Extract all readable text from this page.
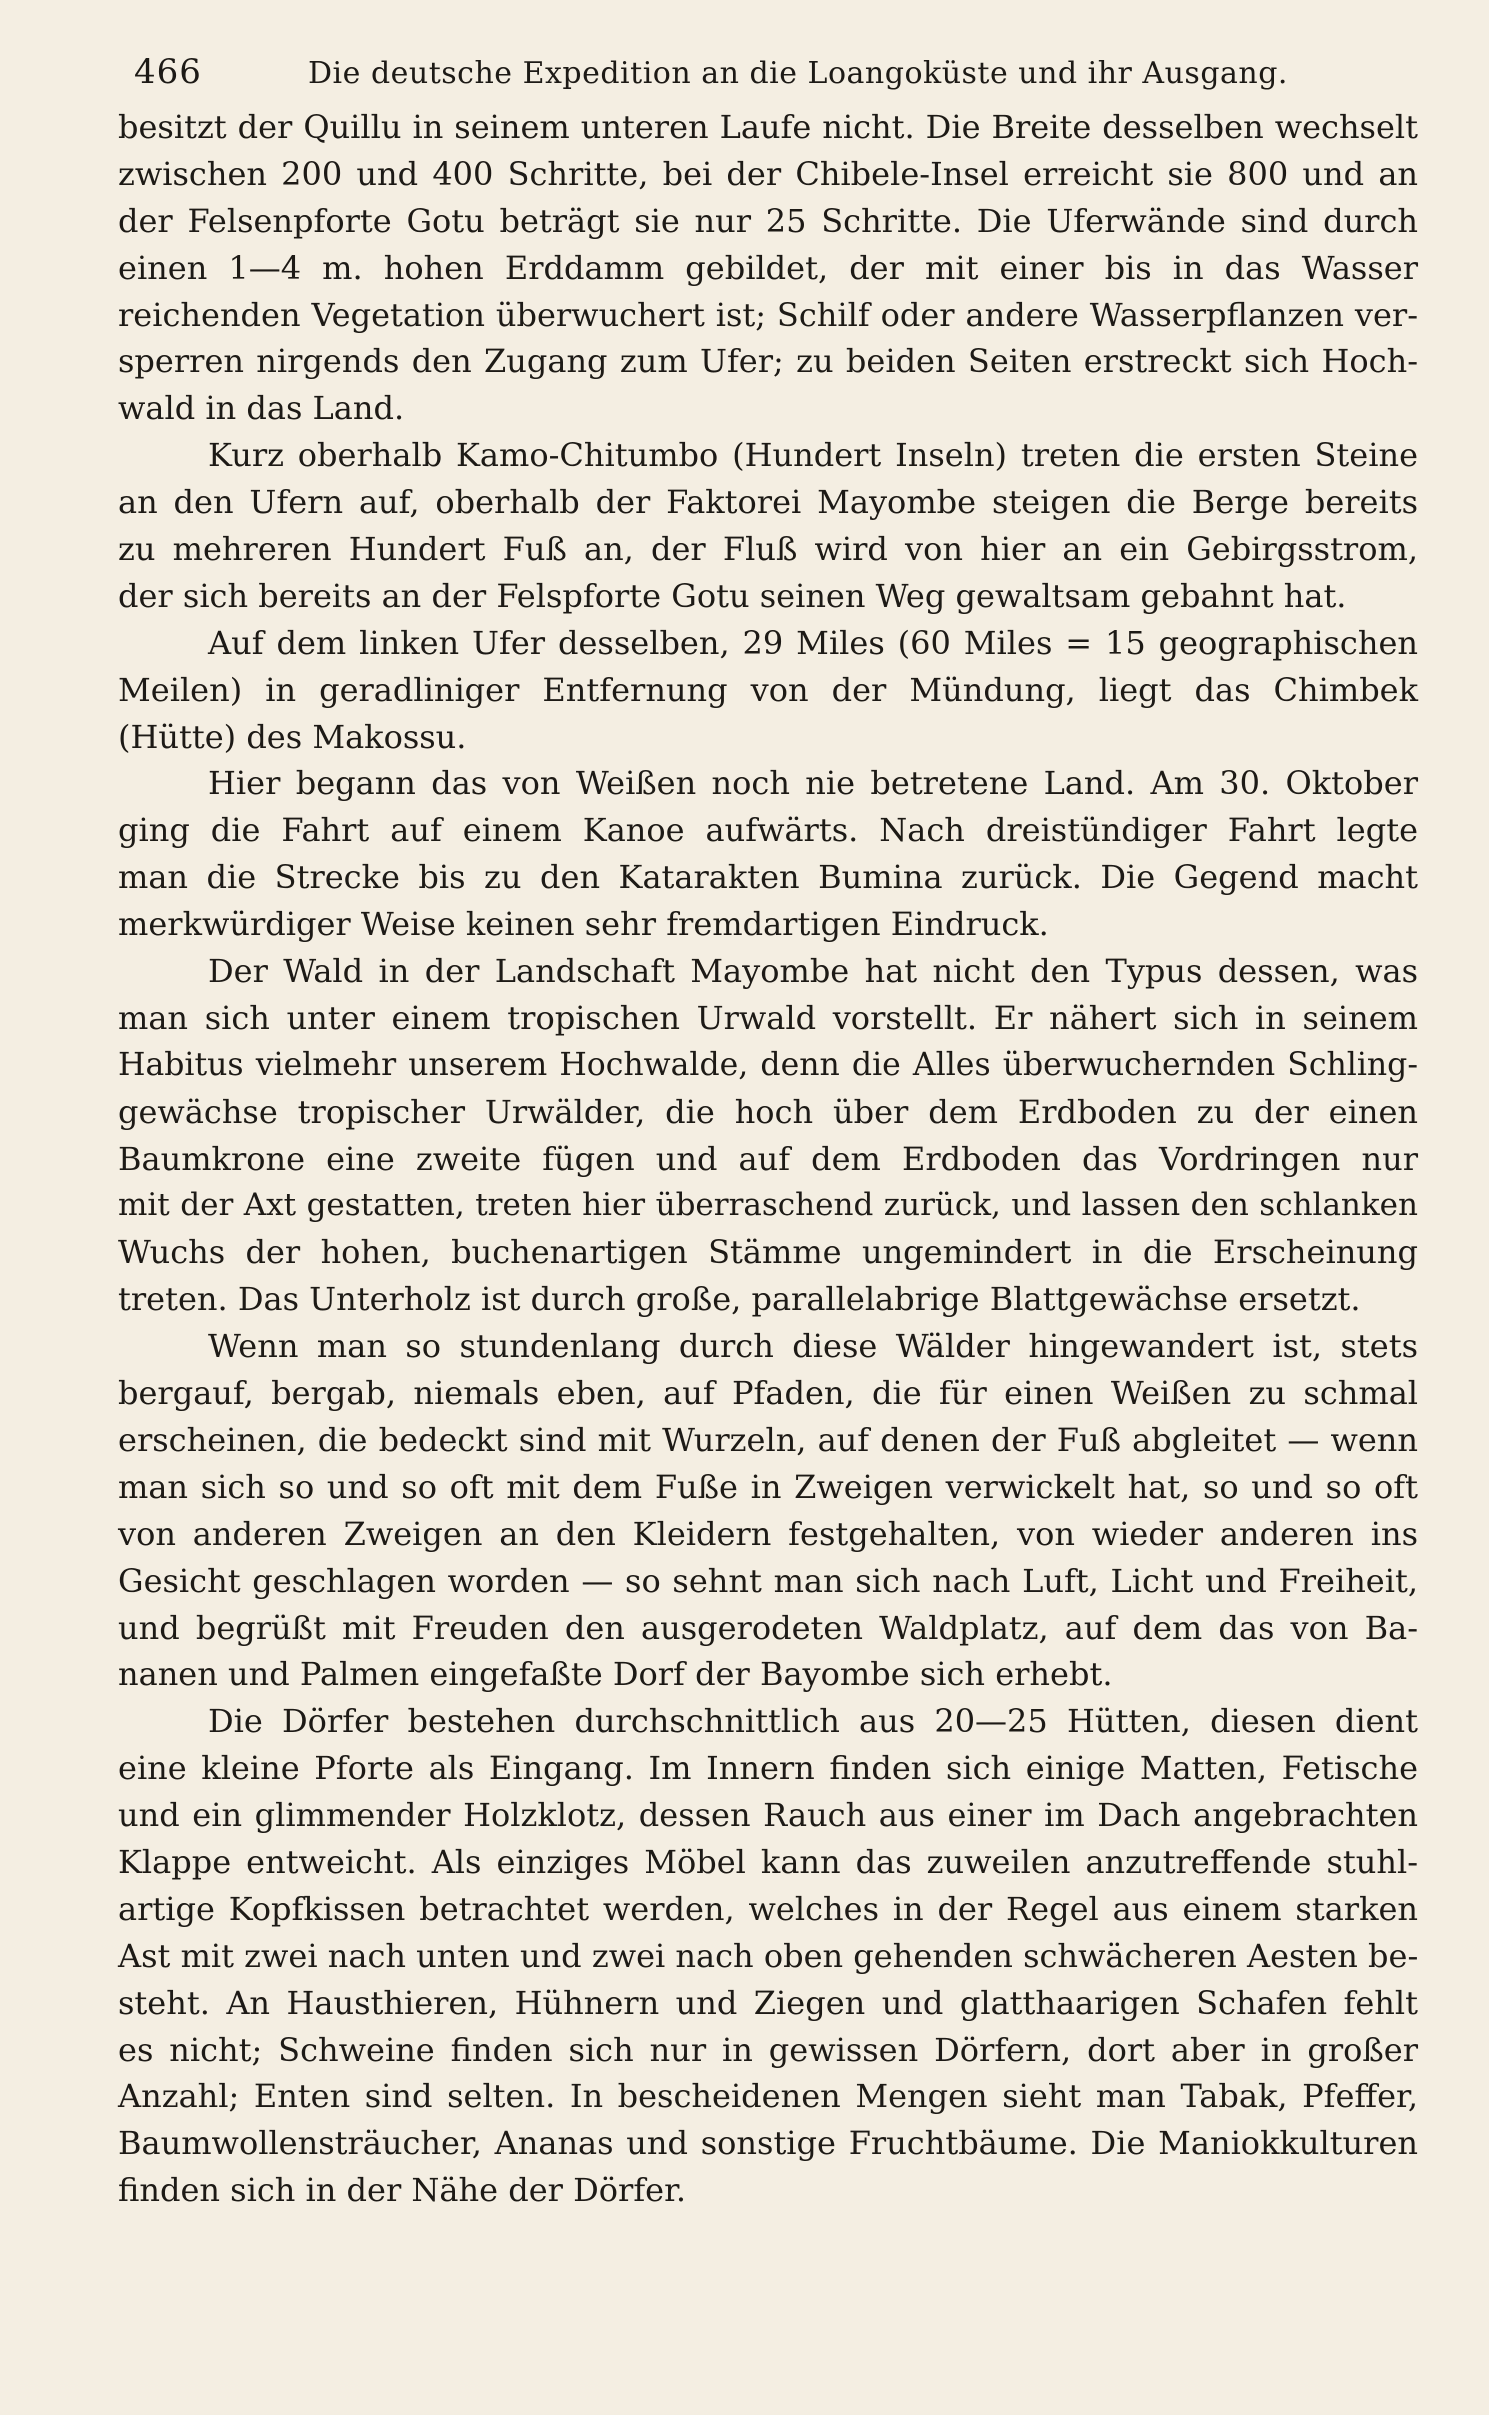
466	Die deutsche Expedition an die Loangoküste und ihr Ausgang.
besitzt der Quillu in seinem unteren Laufe nicht. Die Breite desselben wechselt
zwischen 200 und 400 Schritte, bei der Chibele-Insel erreicht sie 800 und an
der Felsenpforte Gotu beträgt sie nur 25 Schritte. Die Uferwände sind durch
einen 1—4 m. hohen Erddamm gebildet, der mit einer bis in das Wasser
reichenden Vegetation überwuchert ist; Schilf oder andere Wasserpflanzen ver-
sperren nirgends den Zugang zum Ufer; zu beiden Seiten erstreckt sich Hoch-
wald in das Land.
Kurz oberhalb Kamo-Chitumbo (Hundert Inseln) treten die ersten Steine
an den Ufern auf, oberhalb der Faktorei Mayombe steigen die Berge bereits
zu mehreren Hundert Fuß an, der Fluß wird von hier an ein Gebirgsstrom,
der sich bereits an der Felspforte Gotu seinen Weg gewaltsam gebahnt hat.
Auf dem linken Ufer desselben, 29 Miles (60 Miles = 15 geographischen
Meilen) in geradliniger Entfernung von der Mündung, liegt das Chimbek
(Hütte) des Makossu.
Hier begann das von Weißen noch nie betretene Land. Am 30. Oktober
ging die Fahrt auf einem Kanoe aufwärts. Nach dreistündiger Fahrt legte
man die Strecke bis zu den Katarakten Bumina zurück. Die Gegend macht
merkwürdiger Weise keinen sehr fremdartigen Eindruck.
Der Wald in der Landschaft Mayombe hat nicht den Typus dessen, was
man sich unter einem tropischen Urwald vorstellt. Er nähert sich in seinem
Habitus vielmehr unserem Hochwalde, denn die Alles überwuchernden Schling-
gewächse tropischer Urwälder, die hoch über dem Erdboden zu der einen
Baumkrone eine zweite fügen und auf dem Erdboden das Vordringen nur
mit der Axt gestatten, treten hier überraschend zurück, und lassen den schlanken
Wuchs der hohen, buchenartigen Stämme ungemindert in die Erscheinung
treten. Das Unterholz ist durch große, parallelabrige Blattgewächse ersetzt.
Wenn man so stundenlang durch diese Wälder hingewandert ist, stets
bergauf, bergab, niemals eben, auf Pfaden, die für einen Weißen zu schmal
erscheinen, die bedeckt sind mit Wurzeln, auf denen der Fuß abgleitet — wenn
man sich so und so oft mit dem Fuße in Zweigen verwickelt hat, so und so oft
von anderen Zweigen an den Kleidern festgehalten, von wieder anderen ins
Gesicht geschlagen worden — so sehnt man sich nach Luft, Licht und Freiheit,
und begrüßt mit Freuden den ausgerodeten Waldplatz, auf dem das von Ba-
nanen und Palmen eingefaßte Dorf der Bayombe sich erhebt.
Die Dörfer bestehen durchschnittlich aus 20—25 Hütten, diesen dient
eine kleine Pforte als Eingang. Im Innern finden sich einige Matten, Fetische
und ein glimmender Holzklotz, dessen Rauch aus einer im Dach angebrachten
Klappe entweicht. Als einziges Möbel kann das zuweilen anzutreffende stuhl-
artige Kopfkissen betrachtet werden, welches in der Regel aus einem starken
Ast mit zwei nach unten und zwei nach oben gehenden schwächeren Aesten be-
steht. An Hausthieren, Hühnern und Ziegen und glatthaarigen Schafen fehlt
es nicht; Schweine finden sich nur in gewissen Dörfern, dort aber in großer
Anzahl; Enten sind selten. In bescheidenen Mengen sieht man Tabak, Pfeffer,
Baumwollensträucher, Ananas und sonstige Fruchtbäume. Die Maniokkulturen
finden sich in der Nähe der Dörfer.
